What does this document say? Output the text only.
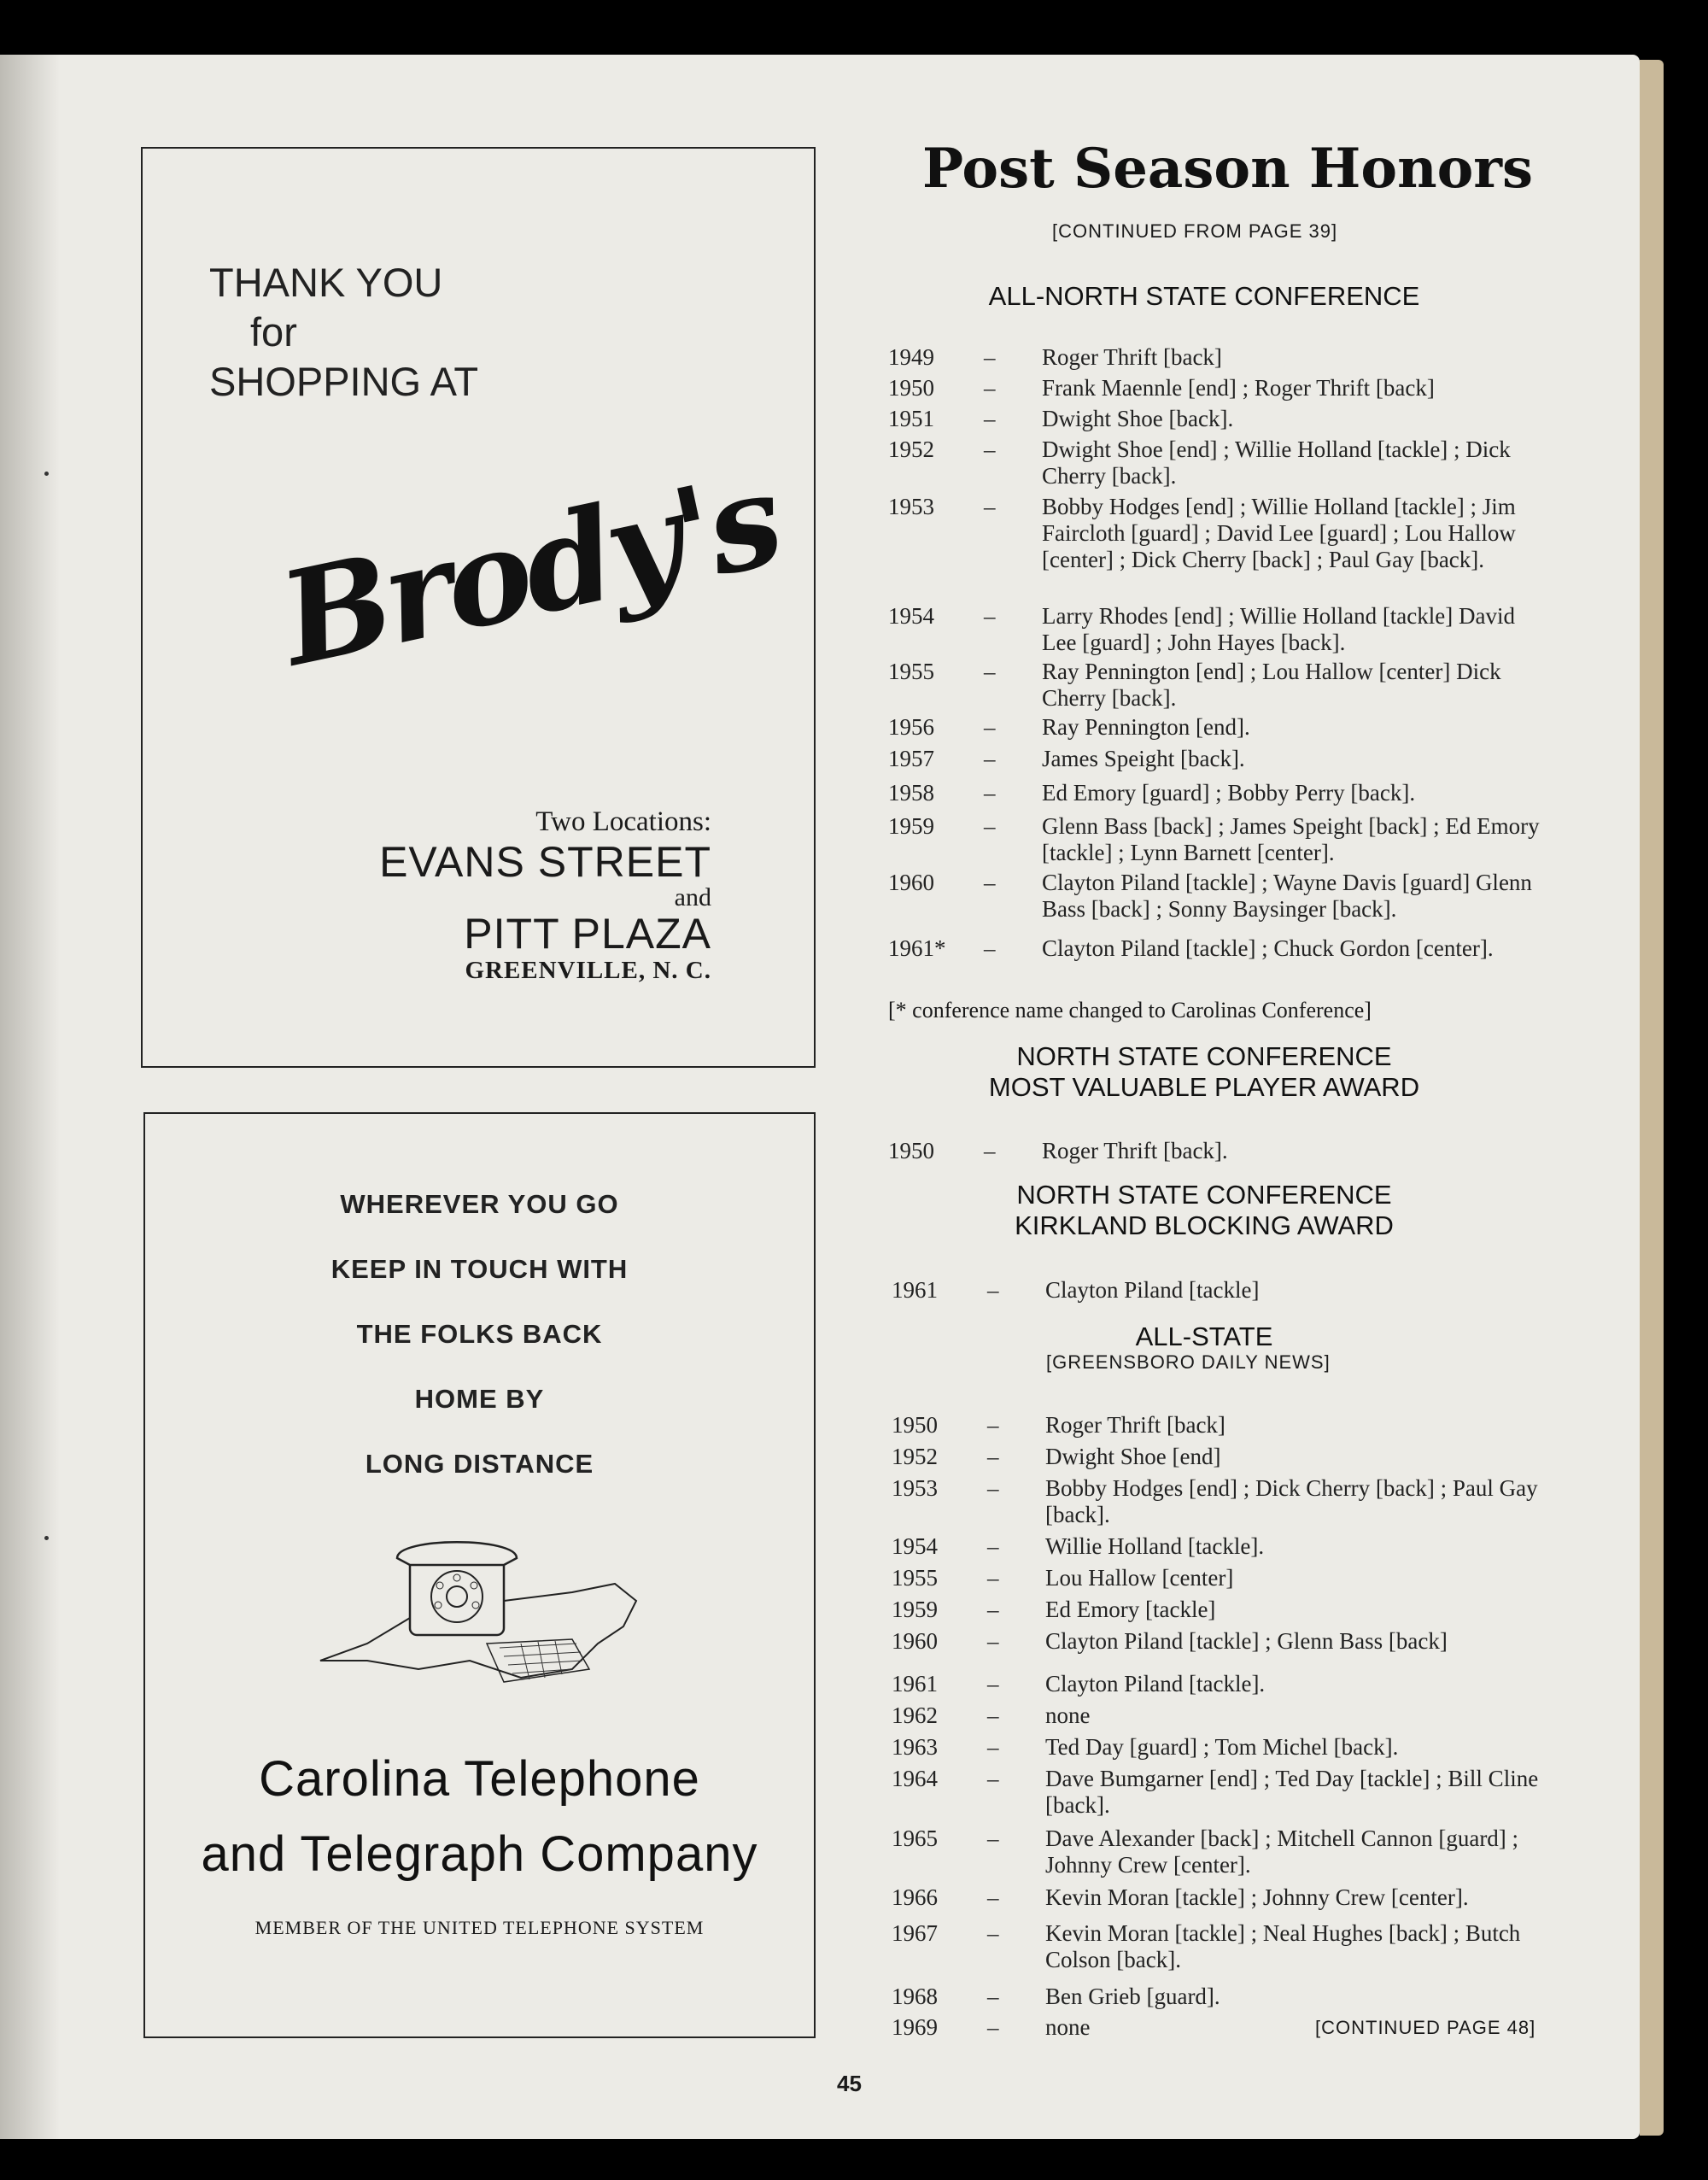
THANK YOU
for
SHOPPING AT
Brody's
Two Locations:
EVANS STREET
and
PITT PLAZA
GREENVILLE, N. C.
WHEREVER YOU GO
KEEP IN TOUCH WITH
THE FOLKS BACK
HOME BY
LONG DISTANCE
Carolina Telephone
and Telegraph Company
MEMBER OF THE UNITED TELEPHONE SYSTEM
Post Season Honors
[CONTINUED FROM PAGE 39]
ALL-NORTH STATE CONFERENCE
1949	– Roger Thrift [back]
1950	– Frank Maennle [end] ; Roger Thrift [back]
1951	– Dwight Shoe [back].
1952	– Dwight Shoe [end] ; Willie Holland [tackle] ; Dick Cherry [back].
1953	– Bobby Hodges [end] ; Willie Holland [tackle] ; Jim Faircloth [guard] ; David Lee [guard] ; Lou Hallow [center] ; Dick Cherry [back] ; Paul Gay [back].
1954	– Larry Rhodes [end] ; Willie Holland [tackle] David Lee [guard] ; John Hayes [back].
1955	– Ray Pennington [end] ; Lou Hallow [center] Dick Cherry [back].
1956	– Ray Pennington [end].
1957	– James Speight [back].
1958	– Ed Emory [guard] ; Bobby Perry [back].
1959	– Glenn Bass [back] ; James Speight [back] ; Ed Emory [tackle] ; Lynn Barnett [center].
1960	– Clayton Piland [tackle] ; Wayne Davis [guard] Glenn Bass [back] ; Sonny Baysinger [back].
1961*	– Clayton Piland [tackle] ; Chuck Gordon [center].
NORTH STATE CONFERENCE
MOST VALUABLE PLAYER AWARD
1950	– Roger Thrift [back].
NORTH STATE CONFERENCE
KIRKLAND BLOCKING AWARD
1961	– Clayton Piland [tackle]
ALL-STATE
[GREENSBORO DAILY NEWS]
1950	– Roger Thrift [back]
1952	– Dwight Shoe [end]
1953	– Bobby Hodges [end] ; Dick Cherry [back] ; Paul Gay [back].
1954	– Willie Holland [tackle].
1955	– Lou Hallow [center]
1959	– Ed Emory [tackle]
1960	– Clayton Piland [tackle] ; Glenn Bass [back]
1961	– Clayton Piland [tackle].
1962	– none
1963	– Ted Day [guard] ; Tom Michel [back].
1964	– Dave Bumgarner [end] ; Ted Day [tackle] ; Bill Cline [back].
1965	– Dave Alexander [back] ; Mitchell Cannon [guard] ; Johnny Crew [center].
1966	– Kevin Moran [tackle] ; Johnny Crew [center].
1967	– Kevin Moran [tackle] ; Neal Hughes [back] ; Butch Colson [back].
1968	– Ben Grieb [guard].
1969	– none
[* conference name changed to Carolinas Conference]
[CONTINUED PAGE 48]
45
